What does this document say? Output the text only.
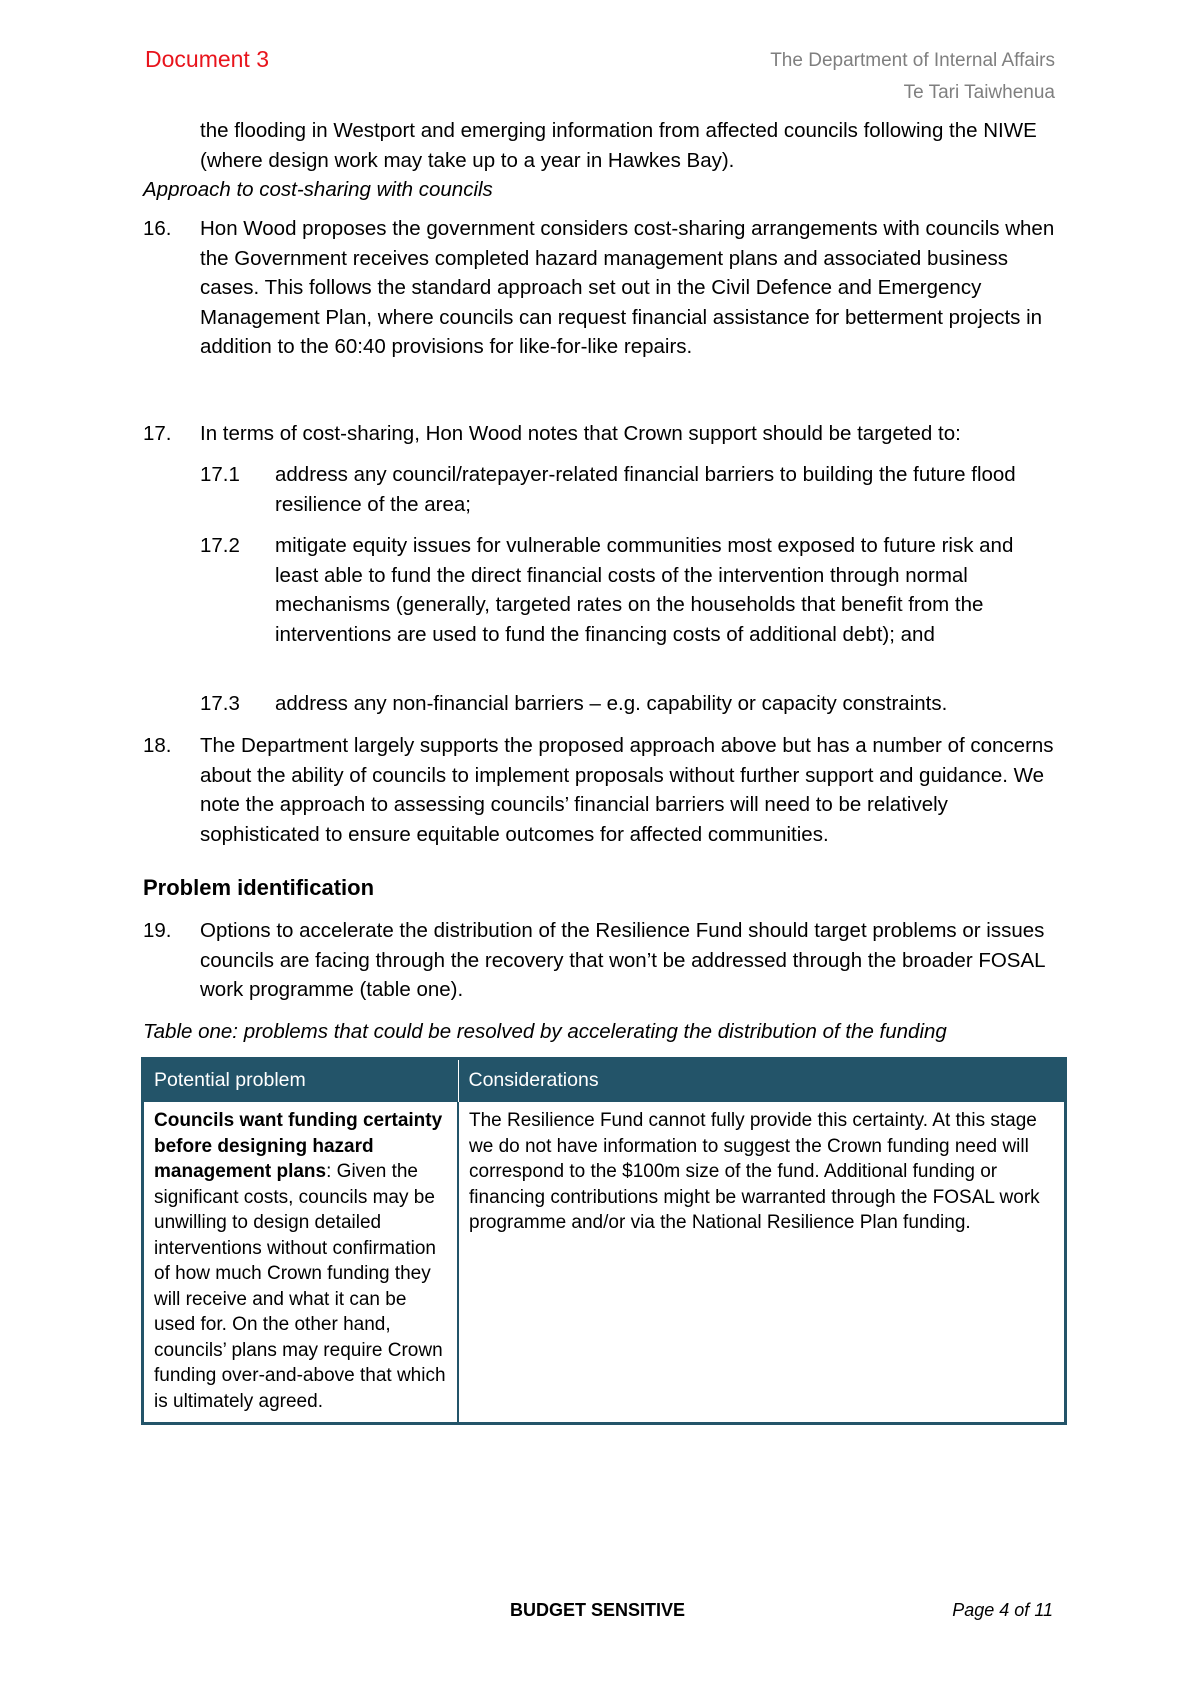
Document 3	The Department of Internal Affairs
Te Tari Taiwhenua
the flooding in Westport and emerging information from affected councils following the NIWE (where design work may take up to a year in Hawkes Bay).
Approach to cost-sharing with councils
16. Hon Wood proposes the government considers cost-sharing arrangements with councils when the Government receives completed hazard management plans and associated business cases. This follows the standard approach set out in the Civil Defence and Emergency Management Plan, where councils can request financial assistance for betterment projects in addition to the 60:40 provisions for like-for-like repairs.
17. In terms of cost-sharing, Hon Wood notes that Crown support should be targeted to:
17.1 address any council/ratepayer-related financial barriers to building the future flood resilience of the area;
17.2 mitigate equity issues for vulnerable communities most exposed to future risk and least able to fund the direct financial costs of the intervention through normal mechanisms (generally, targeted rates on the households that benefit from the interventions are used to fund the financing costs of additional debt); and
17.3 address any non-financial barriers – e.g. capability or capacity constraints.
18. The Department largely supports the proposed approach above but has a number of concerns about the ability of councils to implement proposals without further support and guidance. We note the approach to assessing councils’ financial barriers will need to be relatively sophisticated to ensure equitable outcomes for affected communities.
Problem identification
19. Options to accelerate the distribution of the Resilience Fund should target problems or issues councils are facing through the recovery that won’t be addressed through the broader FOSAL work programme (table one).
Table one: problems that could be resolved by accelerating the distribution of the funding
Potential problem	Considerations
Councils want funding certainty before designing hazard management plans: Given the significant costs, councils may be unwilling to design detailed interventions without confirmation of how much Crown funding they will receive and what it can be used for. On the other hand, councils’ plans may require Crown funding over-and-above that which is ultimately agreed.	The Resilience Fund cannot fully provide this certainty. At this stage we do not have information to suggest the Crown funding need will correspond to the $100m size of the fund. Additional funding or financing contributions might be warranted through the FOSAL work programme and/or via the National Resilience Plan funding.
BUDGET SENSITIVE	Page 4 of 11
